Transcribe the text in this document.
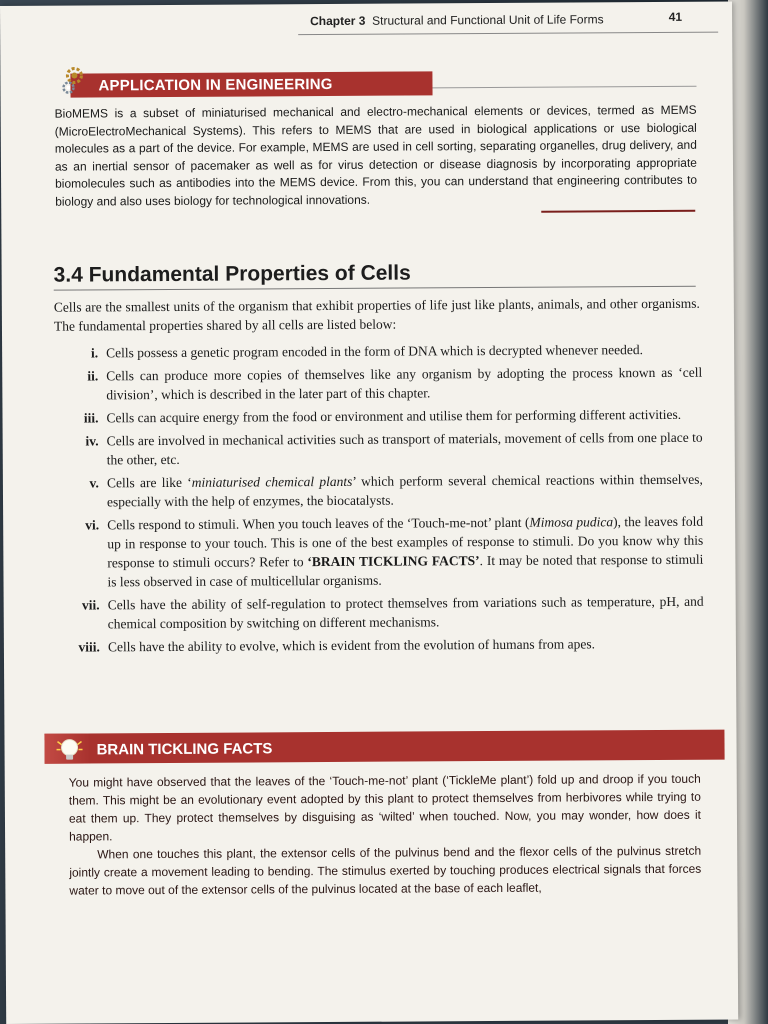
Chapter 3 Structural and Functional Unit of Life Forms	41
APPLICATION IN ENGINEERING
BioMEMS is a subset of miniaturised mechanical and electro-mechanical elements or devices, termed as MEMS (MicroElectroMechanical Systems). This refers to MEMS that are used in biological applications or use biological molecules as a part of the device. For example, MEMS are used in cell sorting, separating organelles, drug delivery, and as an inertial sensor of pacemaker as well as for virus detection or disease diagnosis by incorporating appropriate biomolecules such as antibodies into the MEMS device. From this, you can understand that engineering contributes to biology and also uses biology for technological innovations.
3.4 Fundamental Properties of Cells
Cells are the smallest units of the organism that exhibit properties of life just like plants, animals, and other organisms. The fundamental properties shared by all cells are listed below:
i. Cells possess a genetic program encoded in the form of DNA which is decrypted whenever needed.
ii. Cells can produce more copies of themselves like any organism by adopting the process known as ‘cell division’, which is described in the later part of this chapter.
iii. Cells can acquire energy from the food or environment and utilise them for performing different activities.
iv. Cells are involved in mechanical activities such as transport of materials, movement of cells from one place to the other, etc.
v. Cells are like ‘miniaturised chemical plants’ which perform several chemical reactions within themselves, especially with the help of enzymes, the biocatalysts.
vi. Cells respond to stimuli. When you touch leaves of the ‘Touch-me-not’ plant (Mimosa pudica), the leaves fold up in response to your touch. This is one of the best examples of response to stimuli. Do you know why this response to stimuli occurs? Refer to ‘BRAIN TICKLING FACTS’. It may be noted that response to stimuli is less observed in case of multicellular organisms.
vii. Cells have the ability of self-regulation to protect themselves from variations such as temperature, pH, and chemical composition by switching on different mechanisms.
viii. Cells have the ability to evolve, which is evident from the evolution of humans from apes.
BRAIN TICKLING FACTS

You might have observed that the leaves of the ‘Touch-me-not’ plant (‘TickleMe plant’) fold up and droop if you touch them. This might be an evolutionary event adopted by this plant to protect themselves from herbivores while trying to eat them up. They protect themselves by disguising as ‘wilted’ when touched. Now, you may wonder, how does it happen.

When one touches this plant, the extensor cells of the pulvinus bend and the flexor cells of the pulvinus stretch jointly create a movement leading to bending. The stimulus exerted by touching produces electrical signals that forces water to move out of the extensor cells of the pulvinus located at the base of each leaflet,
